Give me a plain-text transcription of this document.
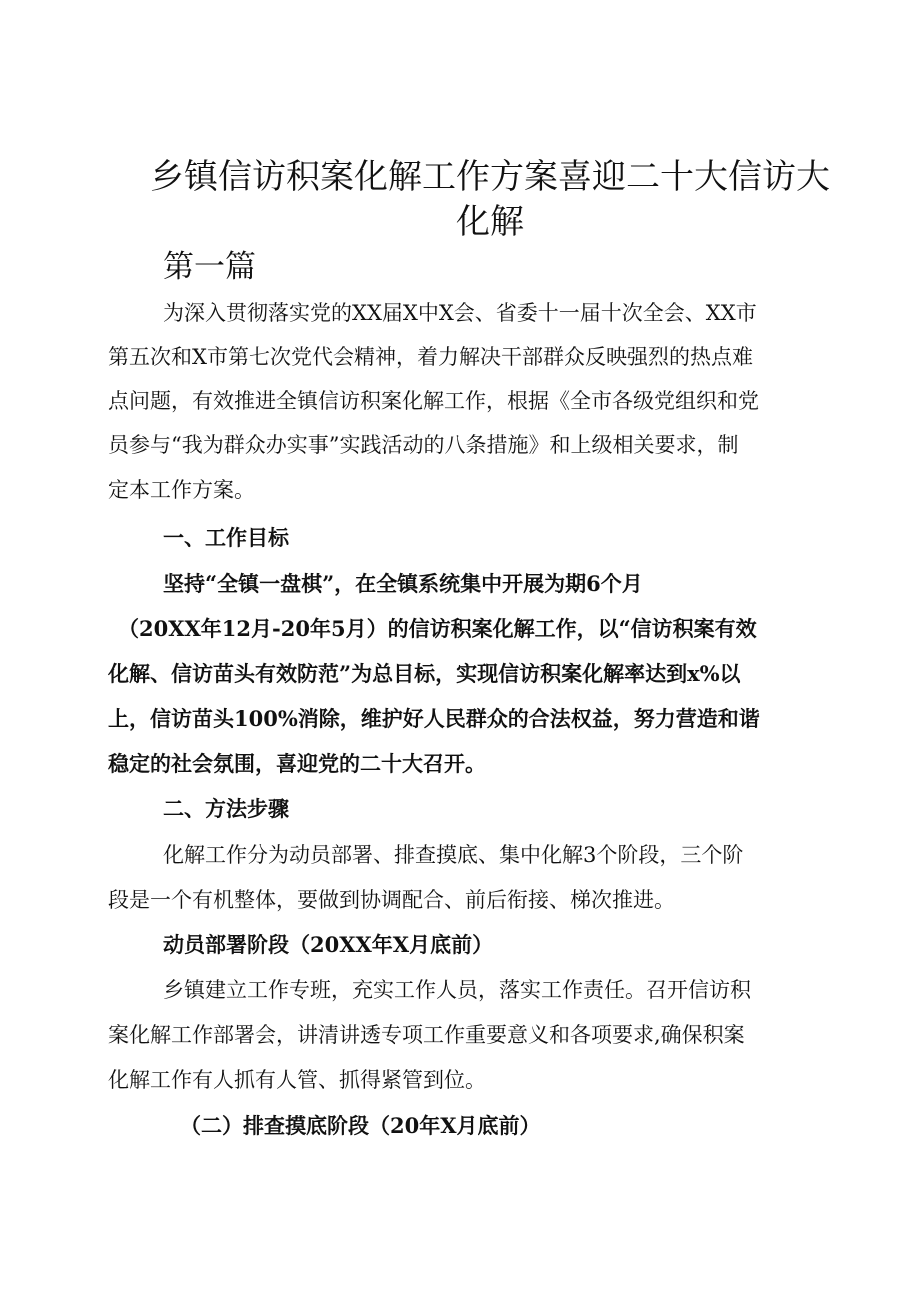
乡镇信访积案化解工作方案喜迎二十大信访大
化解
第一篇

为深入贯彻落实党的XX届X中X会、省委十一届十次全会、XX市

第五次和X市第七次党代会精神，着力解决干部群众反映强烈的热点难

点问题，有效推进全镇信访积案化解工作，根据《全市各级党组织和党

员参与“我为群众办实事”实践活动的八条措施》和上级相关要求，制

定本工作方案。

一、工作目标

坚持“全镇一盘棋”，在全镇系统集中开展为期6个月

（20XX年12月-20年5月）的信访积案化解工作，以“信访积案有效

化解、信访苗头有效防范”为总目标，实现信访积案化解率达到x%以

上，信访苗头100%消除，维护好人民群众的合法权益，努力营造和谐

稳定的社会氛围，喜迎党的二十大召开。

二、方法步骤

化解工作分为动员部署、排查摸底、集中化解3个阶段，三个阶

段是一个有机整体，要做到协调配合、前后衔接、梯次推进。

动员部署阶段（20XX年X月底前）

乡镇建立工作专班，充实工作人员，落实工作责任。召开信访积

案化解工作部署会，讲清讲透专项工作重要意义和各项要求,确保积案

化解工作有人抓有人管、抓得紧管到位。

（二）排查摸底阶段（20年X月底前）
